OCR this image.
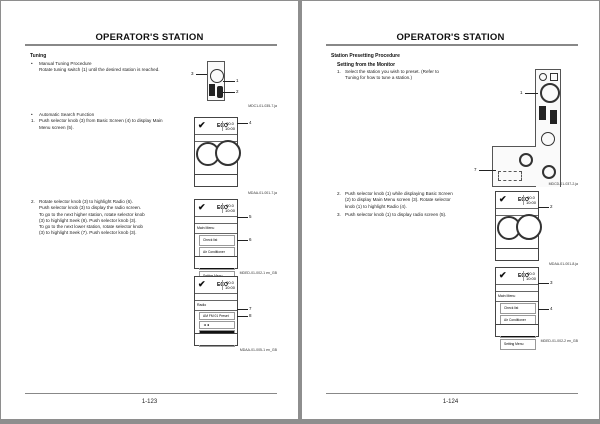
OPERATOR'S STATION
Tuning
• Manual Tuning Procedure
Rotate tuning switch (1) until the desired station is reached.
3
1
2
MDC1-01-035-7.ja
• Automatic Search Function
1. Push selector knob (3) from Basic Screen (4) to display Main Menu screen (5).	✔ ECO
00.0
10:00
4
MDAA-01-001-7.ja
2. Rotate selector knob (3) to highlight Radio (6).
Push selector knob (3) to display the radio screen.
To go to the next higher station, rotate selector knob
(3) to highlight Seek (8). Push selector knob (3).
To go to the next lower station, rotate selector knob
(3) to highlight Seek (7). Push selector knob (3).
✔ ECO
00.0
10:00
Main Menu
Check list
Air Conditioner
5
6
MDED-01-002-1 en_GB
✔ ECO
00.0
10:00
Radio
AM FM 01 Preset
◄◄
7
8
MDAA-01-005-1 en_GB
1-123
OPERATOR'S STATION
Station Presetting Procedure
Setting from the Monitor
1. Select the station you wish to preset. (Refer to Tuning for how to tune a station.)
1
7
MDCD-01-037-2.ja
2. Push selector knob (1) while displaying Basic Screen (2) to display Main Menu screen (3). Rotate selector knob (1) to highlight Radio (4).
3. Push selector knob (1) to display radio screen (5).
✔ ECO
00.0
10:00
2
MDAA-01-001-8.ja
✔ ECO
00.0
10:00
Main Menu
Check list
Air Conditioner
Setting Menu
3
4
MDED-01-002-2 en_GB
1-124
